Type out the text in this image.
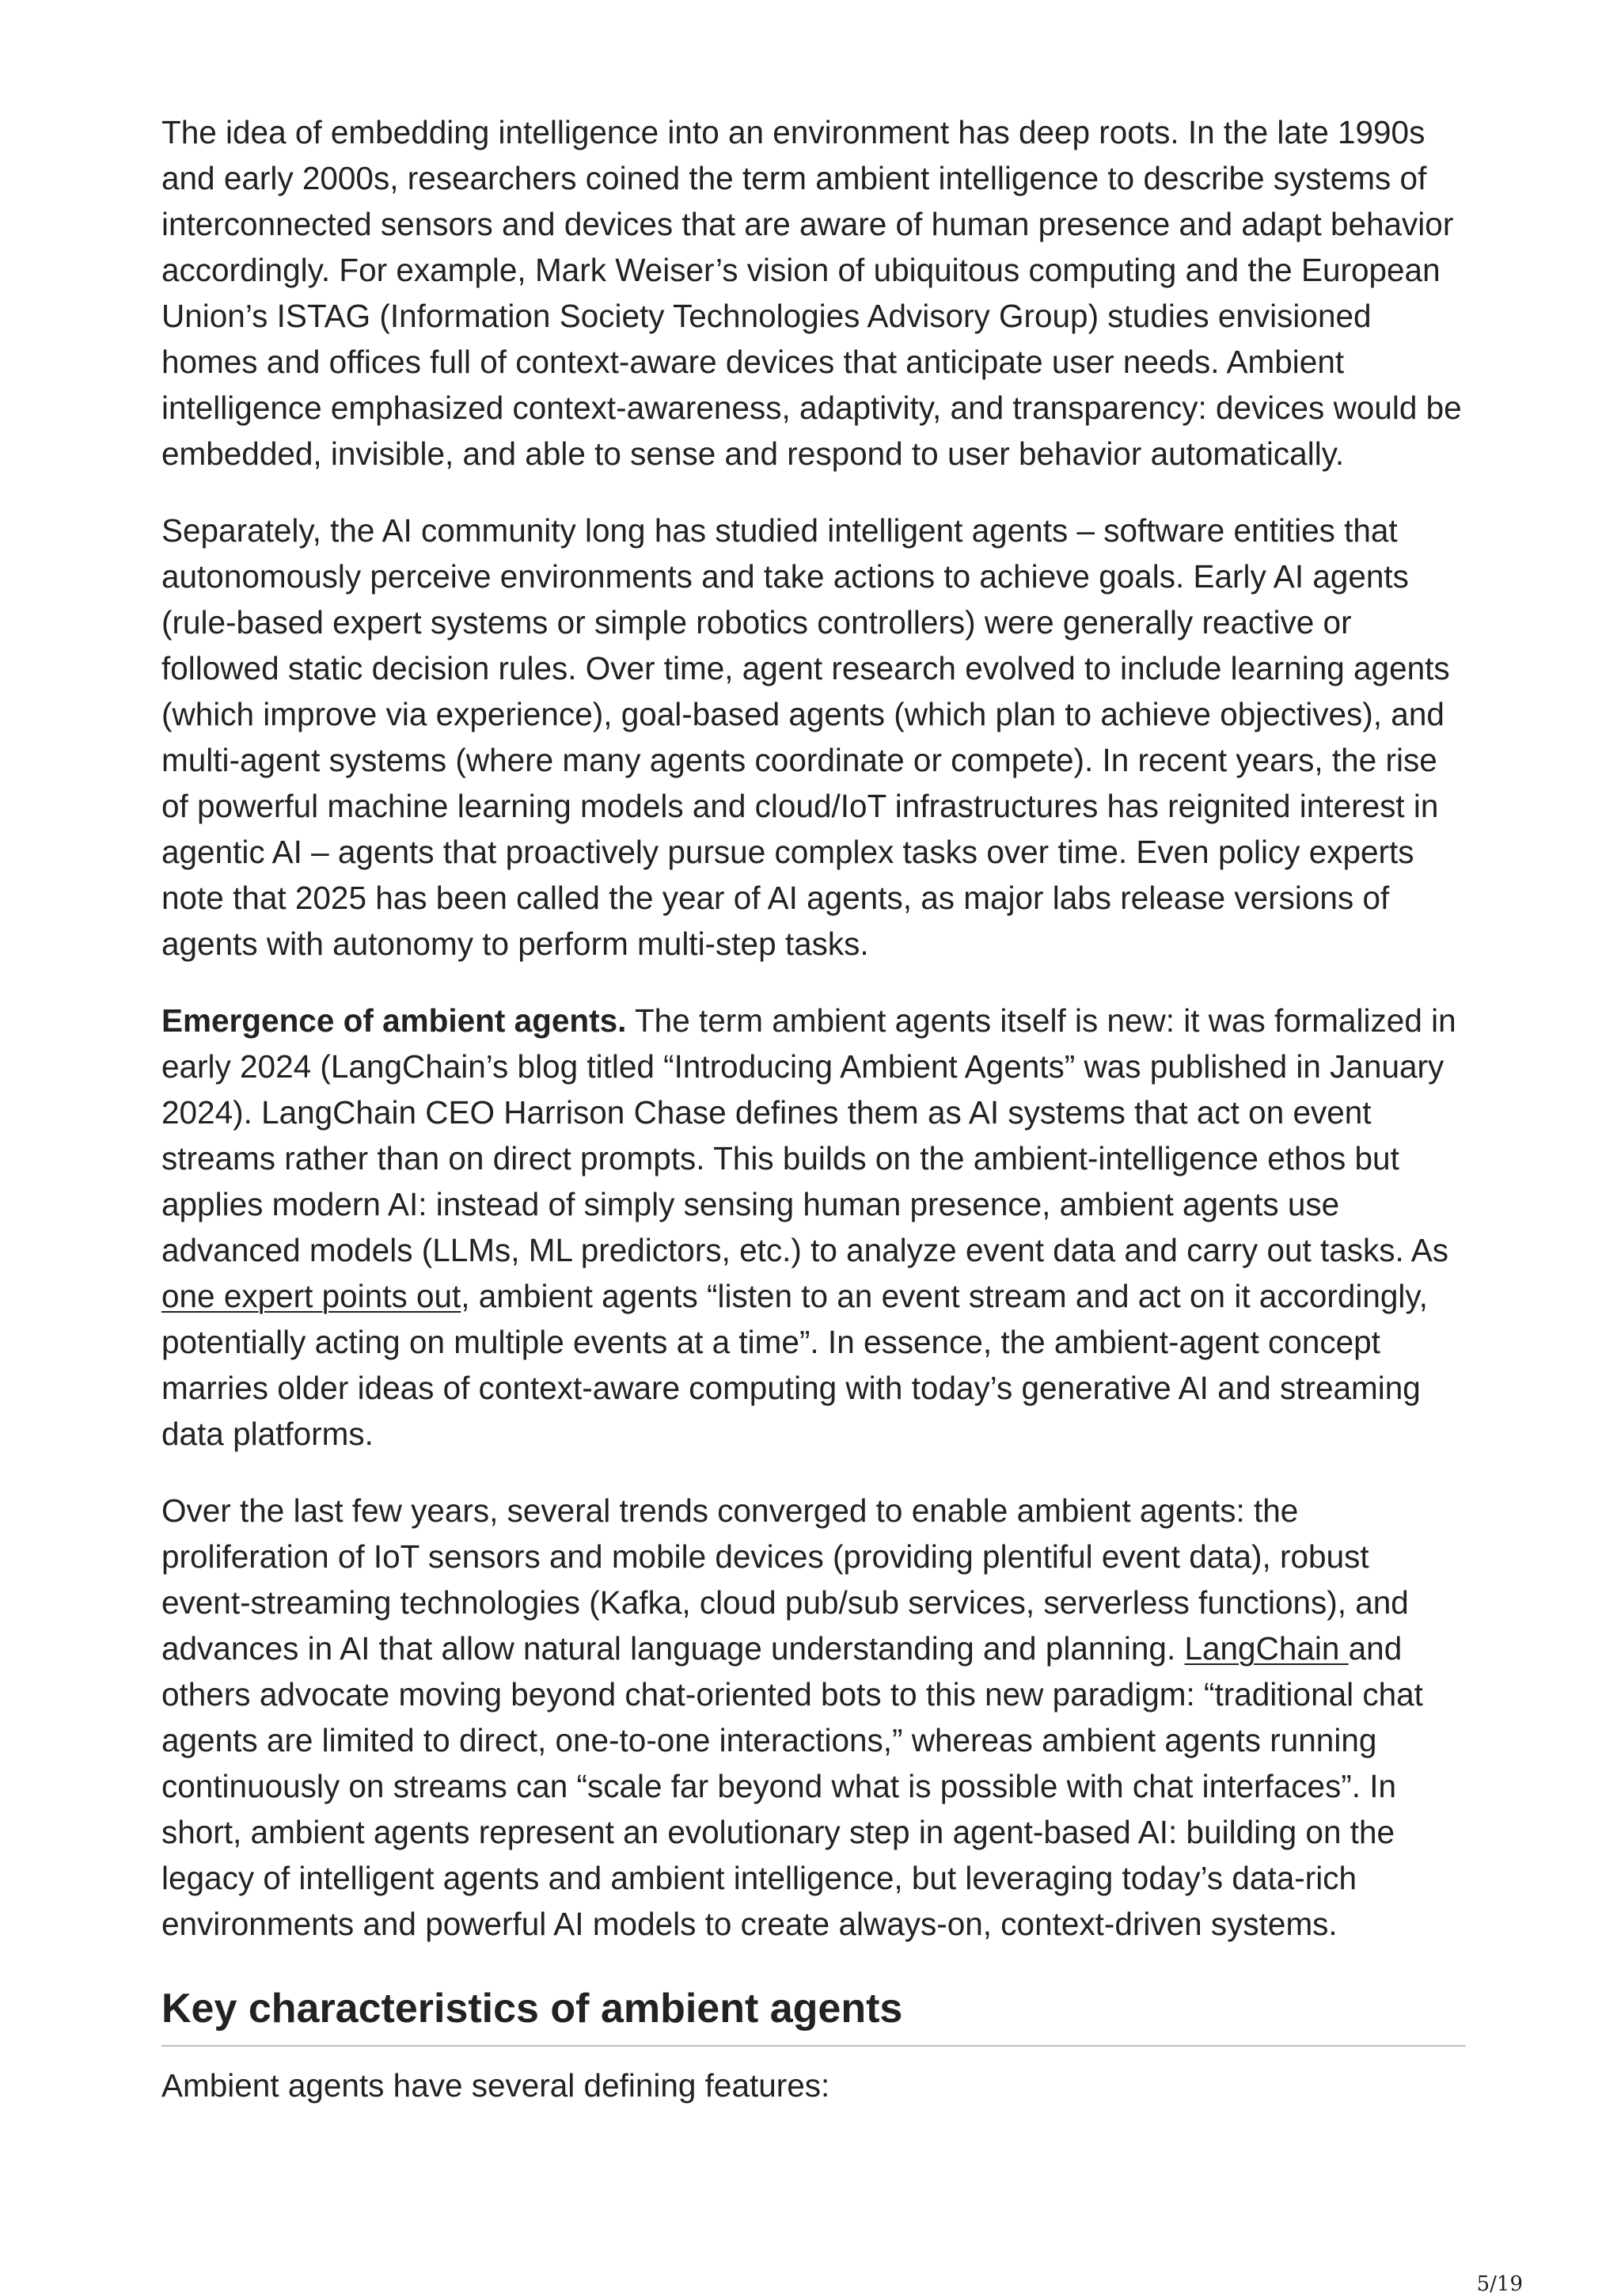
The idea of embedding intelligence into an environment has deep roots. In the late 1990s and early 2000s, researchers coined the term ambient intelligence to describe systems of interconnected sensors and devices that are aware of human presence and adapt behavior accordingly. For example, Mark Weiser’s vision of ubiquitous computing and the European Union’s ISTAG (Information Society Technologies Advisory Group) studies envisioned homes and offices full of context-aware devices that anticipate user needs. Ambient intelligence emphasized context-awareness, adaptivity, and transparency: devices would be embedded, invisible, and able to sense and respond to user behavior automatically.

Separately, the AI community long has studied intelligent agents – software entities that autonomously perceive environments and take actions to achieve goals. Early AI agents (rule-based expert systems or simple robotics controllers) were generally reactive or followed static decision rules. Over time, agent research evolved to include learning agents (which improve via experience), goal-based agents (which plan to achieve objectives), and multi-agent systems (where many agents coordinate or compete). In recent years, the rise of powerful machine learning models and cloud/IoT infrastructures has reignited interest in agentic AI – agents that proactively pursue complex tasks over time. Even policy experts note that 2025 has been called the year of AI agents, as major labs release versions of agents with autonomy to perform multi-step tasks.

Emergence of ambient agents. The term ambient agents itself is new: it was formalized in early 2024 (LangChain’s blog titled “Introducing Ambient Agents” was published in January 2024). LangChain CEO Harrison Chase defines them as AI systems that act on event streams rather than on direct prompts. This builds on the ambient-intelligence ethos but applies modern AI: instead of simply sensing human presence, ambient agents use advanced models (LLMs, ML predictors, etc.) to analyze event data and carry out tasks. As one expert points out, ambient agents “listen to an event stream and act on it accordingly, potentially acting on multiple events at a time”. In essence, the ambient-agent concept marries older ideas of context-aware computing with today’s generative AI and streaming data platforms.

Over the last few years, several trends converged to enable ambient agents: the proliferation of IoT sensors and mobile devices (providing plentiful event data), robust event-streaming technologies (Kafka, cloud pub/sub services, serverless functions), and advances in AI that allow natural language understanding and planning. LangChain and others advocate moving beyond chat-oriented bots to this new paradigm: “traditional chat agents are limited to direct, one-to-one interactions,” whereas ambient agents running continuously on streams can “scale far beyond what is possible with chat interfaces”. In short, ambient agents represent an evolutionary step in agent-based AI: building on the legacy of intelligent agents and ambient intelligence, but leveraging today’s data-rich environments and powerful AI models to create always-on, context-driven systems.

Key characteristics of ambient agents

Ambient agents have several defining features:

5/19
